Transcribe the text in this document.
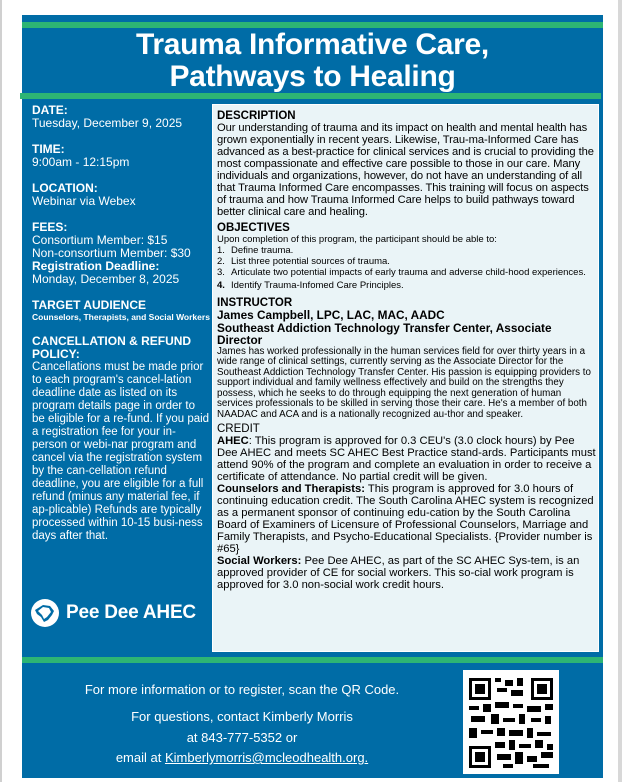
Trauma Informative Care,
Pathways to Healing
DATE:
Tuesday, December 9, 2025
TIME:
9:00am - 12:15pm
LOCATION:
Webinar via Webex
FEES:
Consortium Member: $15
Non-consortium Member: $30
Registration Deadline:
Monday, December 8, 2025
TARGET AUDIENCE
Counselors, Therapists, and Social Workers
CANCELLATION & REFUND
POLICY:
Cancellations must be made prior to each program's cancel-lation deadline date as listed on its program details page in order to be eligible for a re-fund. If you paid a registration fee for your in-person or webi-nar program and cancel via the registration system by the can-cellation refund deadline, you are eligible for a full refund (minus any material fee, if ap-plicable) Refunds are typically processed within 10-15 busi-ness days after that.
Pee Dee AHEC
DESCRIPTION
Our understanding of trauma and its impact on health and mental health has grown exponentially in recent years. Likewise, Trau-ma-Informed Care has advanced as a best-practice for clinical services and is crucial to providing the most compassionate and effective care possible to those in our care. Many individuals and organizations, however, do not have an understanding of all that Trauma Informed Care encompasses. This training will focus on aspects of trauma and how Trauma Informed Care helps to build pathways toward better clinical care and healing.
OBJECTIVES
Upon completion of this program, the participant should be able to:
1. Define trauma.
2. List three potential sources of trauma.
3. Articulate two potential impacts of early trauma and adverse child-hood experiences.
4. Identify Trauma-Infomed Care Principles.
INSTRUCTOR
James Campbell, LPC, LAC, MAC, AADC
Southeast Addiction Technology Transfer Center, Associate Director
James has worked professionally in the human services field for over thirty years in a wide range of clinical settings, currently serving as the Associate Director for the Southeast Addiction Technology Transfer Center. His passion is equipping providers to support individual and family wellness effectively and build on the strengths they possess, which he seeks to do through equipping the next generation of human services professionals to be skilled in serving those their care. He's a member of both NAADAC and ACA and is a nationally recognized au-thor and speaker.
CREDIT
AHEC: This program is approved for 0.3 CEU's (3.0 clock hours) by Pee Dee AHEC and meets SC AHEC Best Practice stand-ards. Participants must attend 90% of the program and complete an evaluation in order to receive a certificate of attendance. No partial credit will be given.
Counselors and Therapists: This program is approved for 3.0 hours of continuing education credit. The South Carolina AHEC system is recognized as a permanent sponsor of continuing edu-cation by the South Carolina Board of Examiners of Licensure of Professional Counselors, Marriage and Family Therapists, and Psycho-Educational Specialists. {Provider number is #65}
Social Workers: Pee Dee AHEC, as part of the SC AHEC Sys-tem, is an approved provider of CE for social workers. This so-cial work program is approved for 3.0 non-social work credit hours.
For more information or to register, scan the QR Code.
For questions, contact Kimberly Morris
at 843-777-5352 or
email at Kimberlymorris@mcleodhealth.org.
